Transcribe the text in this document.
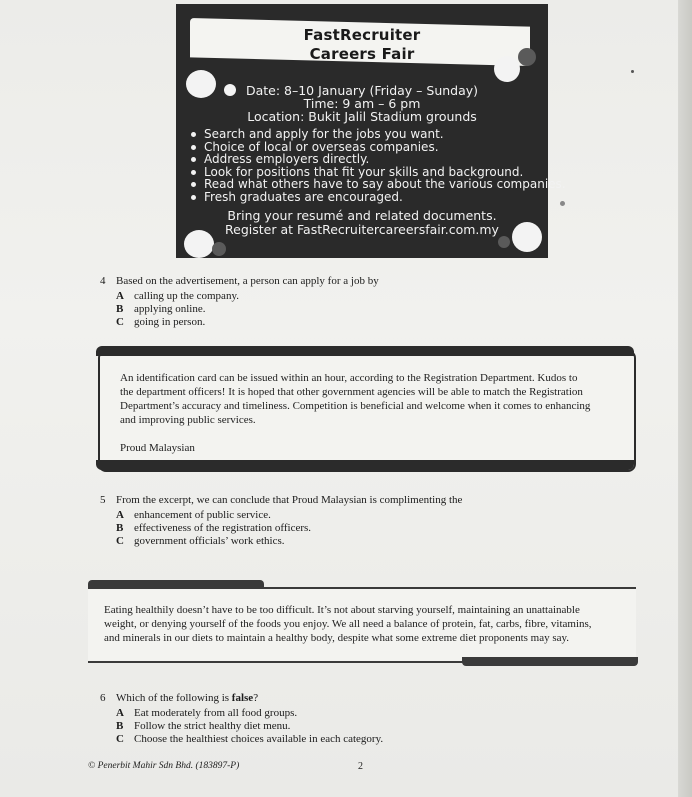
FastRecruiter
Careers Fair
Date: 8–10 January (Friday – Sunday)
Time: 9 am – 6 pm
Location: Bukit Jalil Stadium grounds
Search and apply for the jobs you want.
Choice of local or overseas companies.
Address employers directly.
Look for positions that fit your skills and background.
Read what others have to say about the various companies.
Fresh graduates are encouraged.
Bring your resumé and related documents.
Register at FastRecruitercareersfair.com.my
4 Based on the advertisement, a person can apply for a job by
A calling up the company.
B applying online.
C going in person.
An identification card can be issued within an hour, according to the Registration Department. Kudos to
the department officers! It is hoped that other government agencies will be able to match the Registration
Department’s accuracy and timeliness. Competition is beneficial and welcome when it comes to enhancing
and improving public services.
Proud Malaysian
5 From the excerpt, we can conclude that Proud Malaysian is complimenting the
A enhancement of public service.
B effectiveness of the registration officers.
C government officials’ work ethics.
Eating healthily doesn’t have to be too difficult. It’s not about starving yourself, maintaining an unattainable
weight, or denying yourself of the foods you enjoy. We all need a balance of protein, fat, carbs, fibre, vitamins,
and minerals in our diets to maintain a healthy body, despite what some extreme diet proponents may say.
6 Which of the following is false?
A Eat moderately from all food groups.
B Follow the strict healthy diet menu.
C Choose the healthiest choices available in each category.
© Penerbit Mahir Sdn Bhd. (183897-P)	2
